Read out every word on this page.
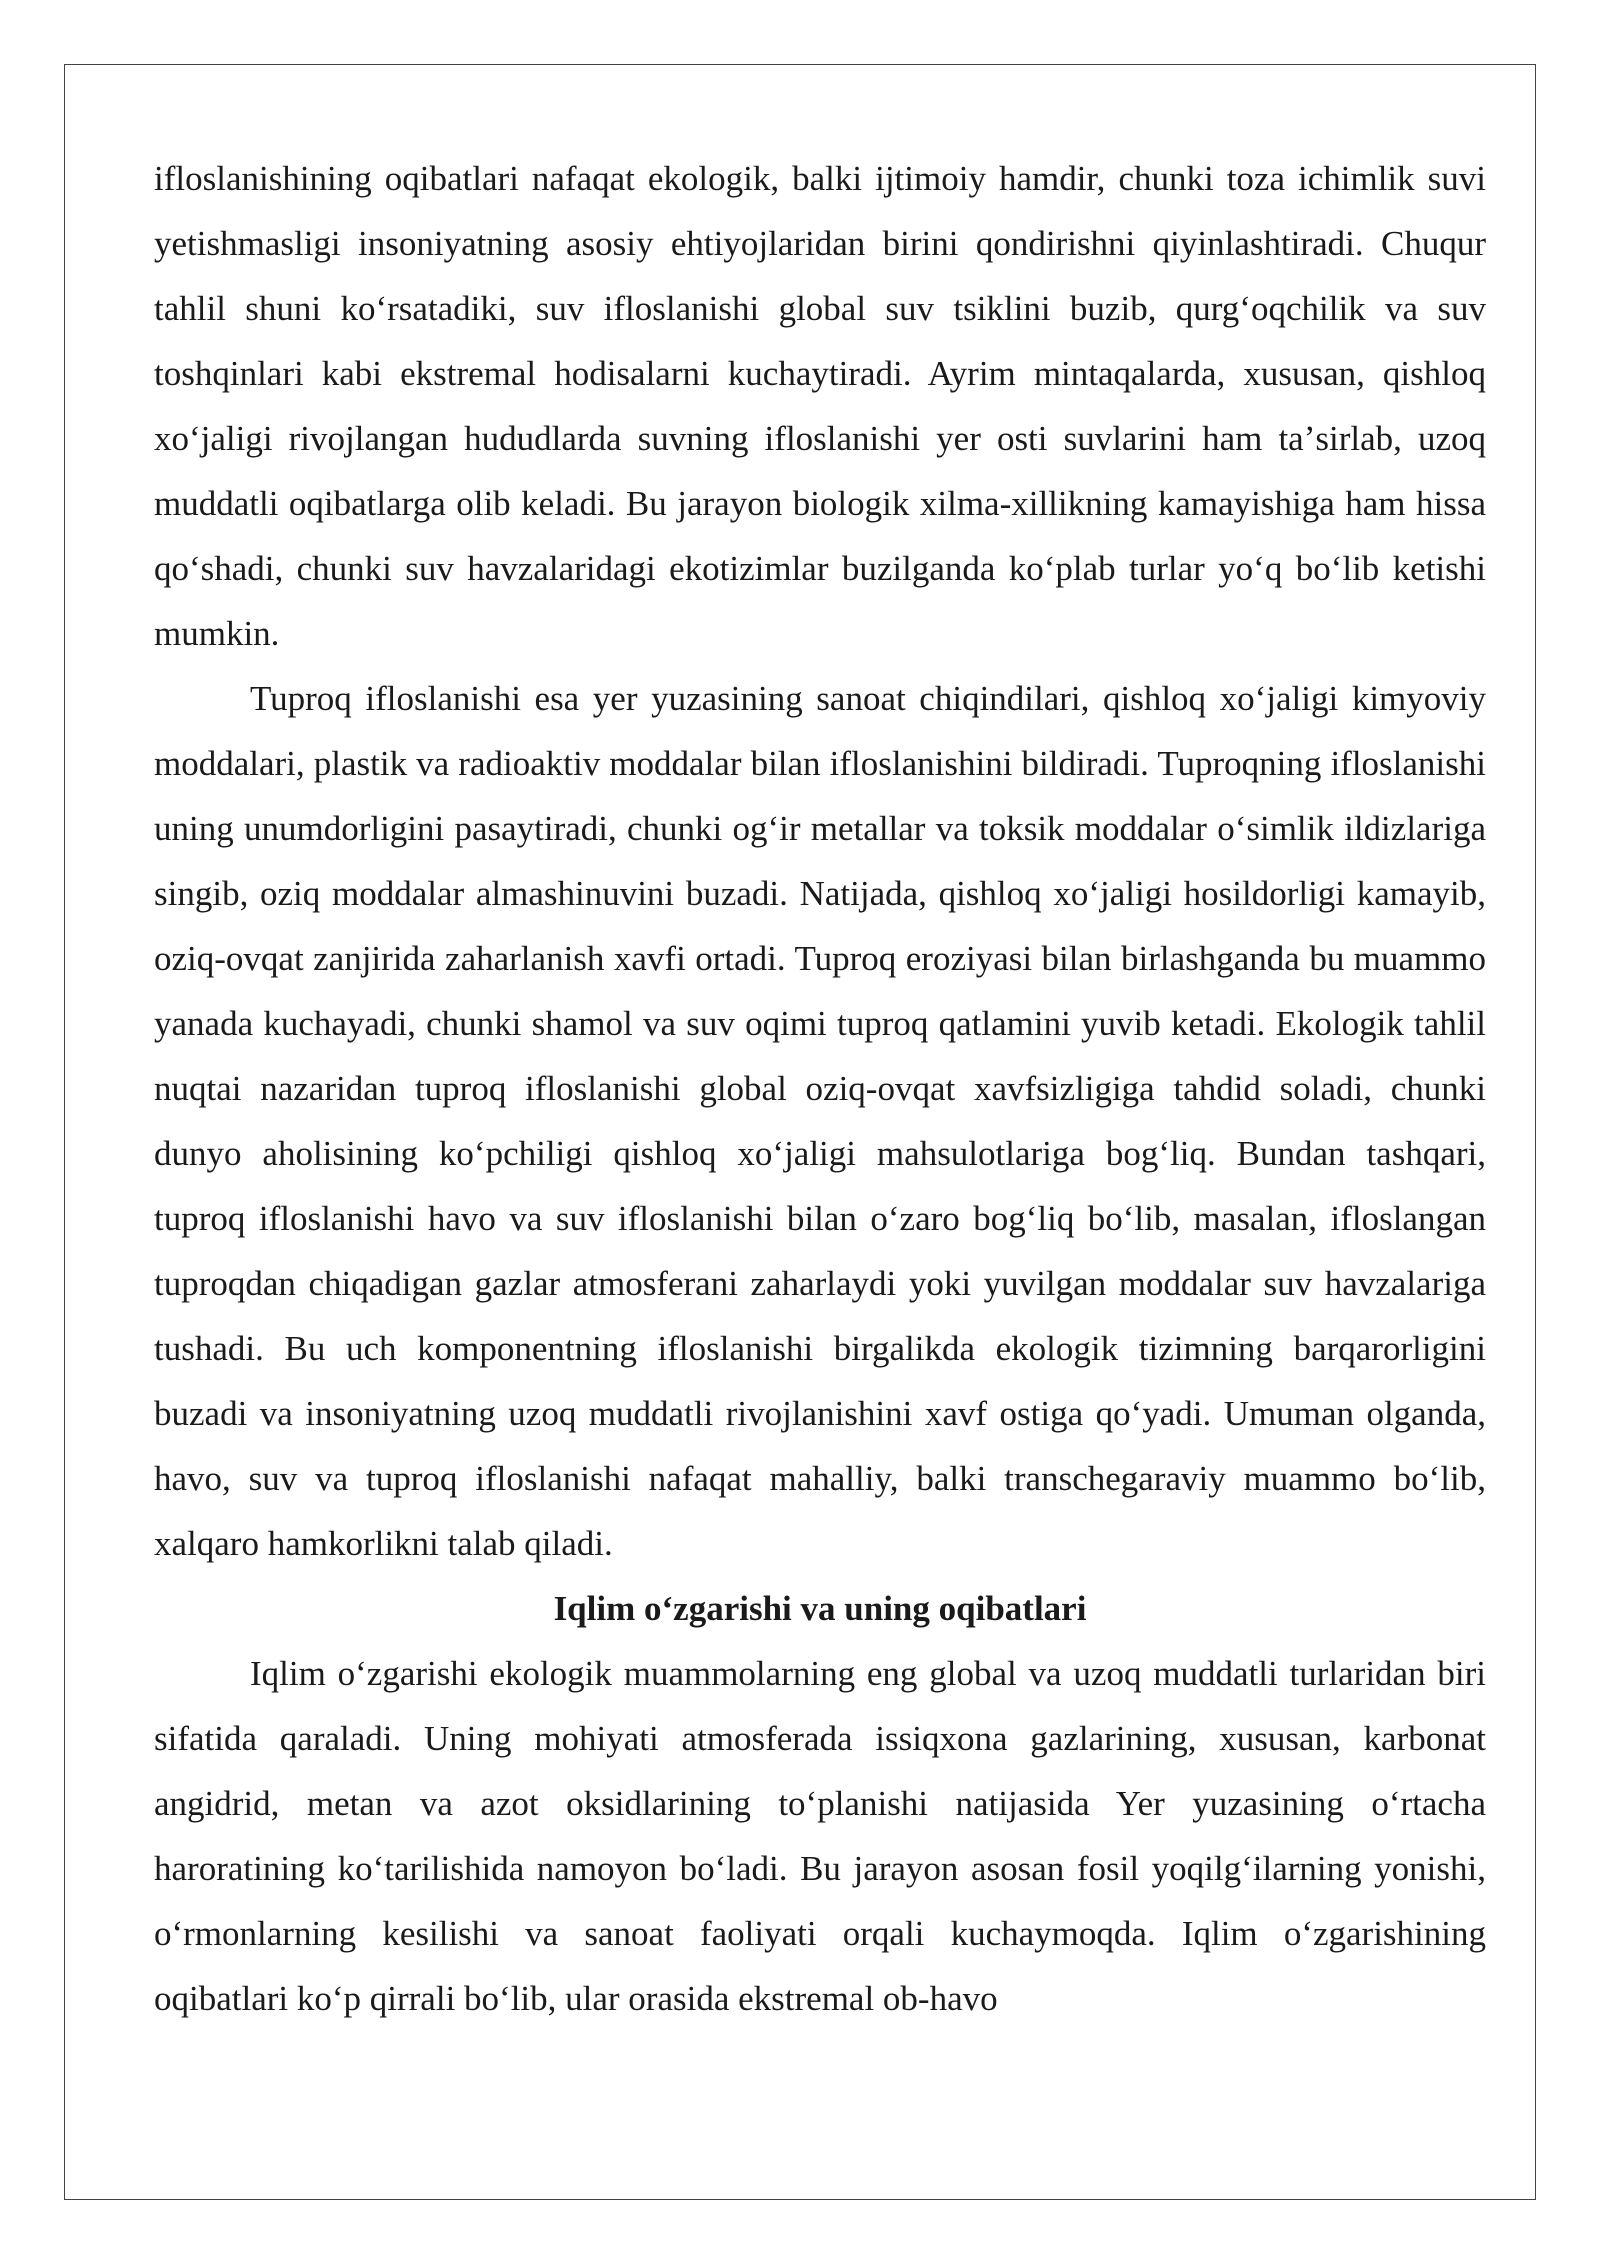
ifloslanishining oqibatlari nafaqat ekologik, balki ijtimoiy hamdir, chunki toza ichimlik suvi yetishmasligi insoniyatning asosiy ehtiyojlaridan birini qondirishni qiyinlashtiradi. Chuqur tahlil shuni koʻrsatadiki, suv ifloslanishi global suv tsiklini buzib, qurgʻoqchilik va suv toshqinlari kabi ekstremal hodisalarni kuchaytiradi. Ayrim mintaqalarda, xususan, qishloq xoʻjaligi rivojlangan hududlarda suvning ifloslanishi yer osti suvlarini ham taʼsirlab, uzoq muddatli oqibatlarga olib keladi. Bu jarayon biologik xilma-xillikning kamayishiga ham hissa qoʻshadi, chunki suv havzalaridagi ekotizimlar buzilganda koʻplab turlar yoʻq boʻlib ketishi mumkin.

Tuproq ifloslanishi esa yer yuzasining sanoat chiqindilari, qishloq xoʻjaligi kimyoviy moddalari, plastik va radioaktiv moddalar bilan ifloslanishini bildiradi. Tuproqning ifloslanishi uning unumdorligini pasaytiradi, chunki ogʻir metallar va toksik moddalar oʻsimlik ildizlariga singib, oziq moddalar almashinuvini buzadi. Natijada, qishloq xoʻjaligi hosildorligi kamayib, oziq-ovqat zanjirida zaharlanish xavfi ortadi. Tuproq eroziyasi bilan birlashganda bu muammo yanada kuchayadi, chunki shamol va suv oqimi tuproq qatlamini yuvib ketadi. Ekologik tahlil nuqtai nazaridan tuproq ifloslanishi global oziq-ovqat xavfsizligiga tahdid soladi, chunki dunyo aholisining koʻpchiligi qishloq xoʻjaligi mahsulotlariga bogʻliq. Bundan tashqari, tuproq ifloslanishi havo va suv ifloslanishi bilan oʻzaro bogʻliq boʻlib, masalan, ifloslangan tuproqdan chiqadigan gazlar atmosferani zaharlaydi yoki yuvilgan moddalar suv havzalariga tushadi. Bu uch komponentning ifloslanishi birgalikda ekologik tizimning barqarorligini buzadi va insoniyatning uzoq muddatli rivojlanishini xavf ostiga qoʻyadi. Umuman olganda, havo, suv va tuproq ifloslanishi nafaqat mahalliy, balki transchegaraviy muammo boʻlib, xalqaro hamkorlikni talab qiladi.

Iqlim oʻzgarishi va uning oqibatlari

Iqlim oʻzgarishi ekologik muammolarning eng global va uzoq muddatli turlaridan biri sifatida qaraladi. Uning mohiyati atmosferada issiqxona gazlarining, xususan, karbonat angidrid, metan va azot oksidlarining toʻplanishi natijasida Yer yuzasining oʻrtacha haroratining koʻtarilishida namoyon boʻladi. Bu jarayon asosan fosil yoqilgʻilarning yonishi, oʻrmonlarning kesilishi va sanoat faoliyati orqali kuchaymoqda. Iqlim oʻzgarishining oqibatlari koʻp qirrali boʻlib, ular orasida ekstremal ob-havo
